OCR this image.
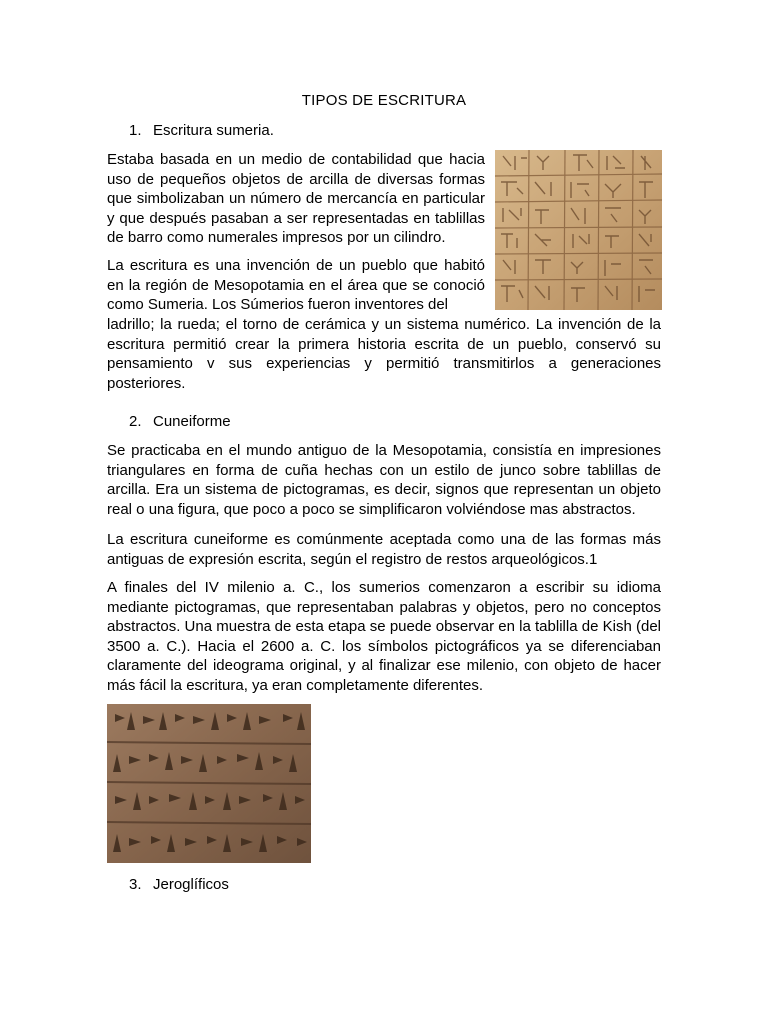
TIPOS DE ESCRITURA
1. Escritura sumeria.
Estaba basada en un medio de contabilidad que hacia uso de pequeños objetos de arcilla de diversas formas que simbolizaban un número de mercancía en particular y que después pasaban a ser representadas en tablillas de barro como numerales impresos por un cilindro.
La escritura es una invención de un pueblo que habitó en la región de Mesopotamia en el área que se conoció como Sumeria. Los Súmerios fueron inventores del
ladrillo; la rueda; el torno de cerámica y un sistema numérico. La invención de la escritura permitió crear la primera historia escrita de un pueblo, conservó su pensamiento v sus experiencias y permitió transmitirlos a generaciones posteriores.
2. Cuneiforme
Se practicaba en el mundo antiguo de la Mesopotamia, consistía en impresiones triangulares en forma de cuña hechas con un estilo de junco sobre tablillas de arcilla. Era un sistema de pictogramas, es decir, signos que representan un objeto real o una figura, que poco a poco se simplificaron volviéndose mas abstractos.
La escritura cuneiforme es comúnmente aceptada como una de las formas más antiguas de expresión escrita, según el registro de restos arqueológicos.1
A finales del IV milenio a. C., los sumerios comenzaron a escribir su idioma mediante pictogramas, que representaban palabras y objetos, pero no conceptos abstractos. Una muestra de esta etapa se puede observar en la tablilla de Kish (del 3500 a. C.). Hacia el 2600 a. C. los símbolos pictográficos ya se diferenciaban claramente del ideograma original, y al finalizar ese milenio, con objeto de hacer más fácil la escritura, ya eran completamente diferentes.
3. Jeroglíficos
